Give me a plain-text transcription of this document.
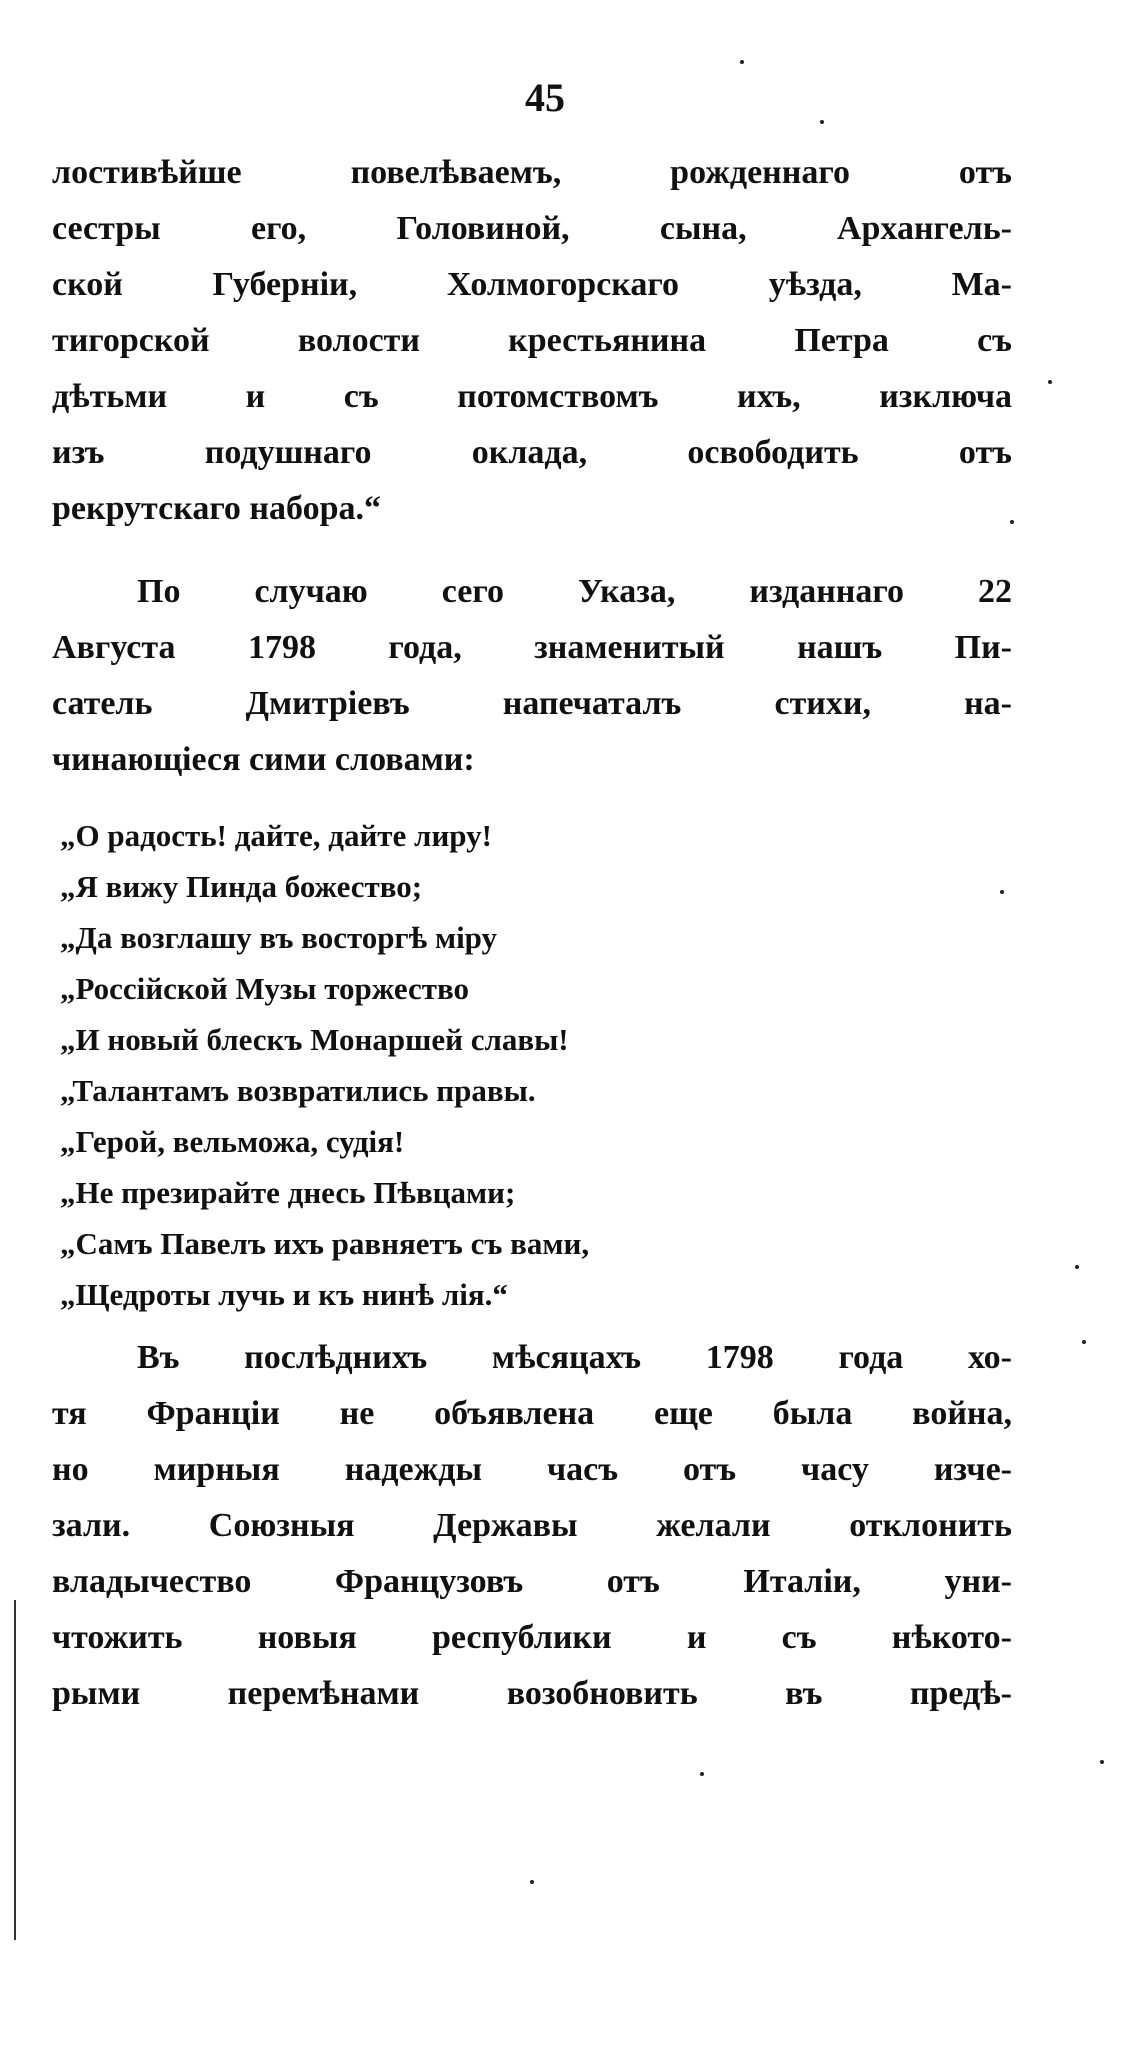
45
лостивѣйше повелѣваемъ, рожденнаго отъ
сестры его, Головиной, сына, Архангель-
ской Губерніи, Холмогорскаго уѣзда, Ма-
тигорской волости крестьянина Петра съ
дѣтьми и съ потомствомъ ихъ, изключа
изъ подушнаго оклада, освободить отъ
рекрутскаго набора.“
По случаю сего Указа, изданнаго 22
Августа 1798 года, знаменитый нашъ Пи-
сатель Дмитріевъ напечаталъ стихи, на-
чинающіеся сими словами:
„О радость! дайте, дайте лиру!
„Я вижу Пинда божество;
„Да возглашу въ восторгѣ міру
„Россійской Музы торжество
„И новый блескъ Монаршей славы!
„Талантамъ возвратились правы.
„Герой, вельможа, судія!
„Не презирайте днесь Пѣвцами;
„Самъ Павелъ ихъ равняетъ съ вами,
„Щедроты лучь и къ нинѣ лія.“
Въ послѣднихъ мѣсяцахъ 1798 года хо-
тя Франціи не объявлена еще была война,
но мирныя надежды часъ отъ часу изче-
зали. Союзныя Державы желали отклонить
владычество Французовъ отъ Италіи, уни-
чтожить новыя республики и съ нѣкото-
рыми перемѣнами возобновить въ предѣ-
